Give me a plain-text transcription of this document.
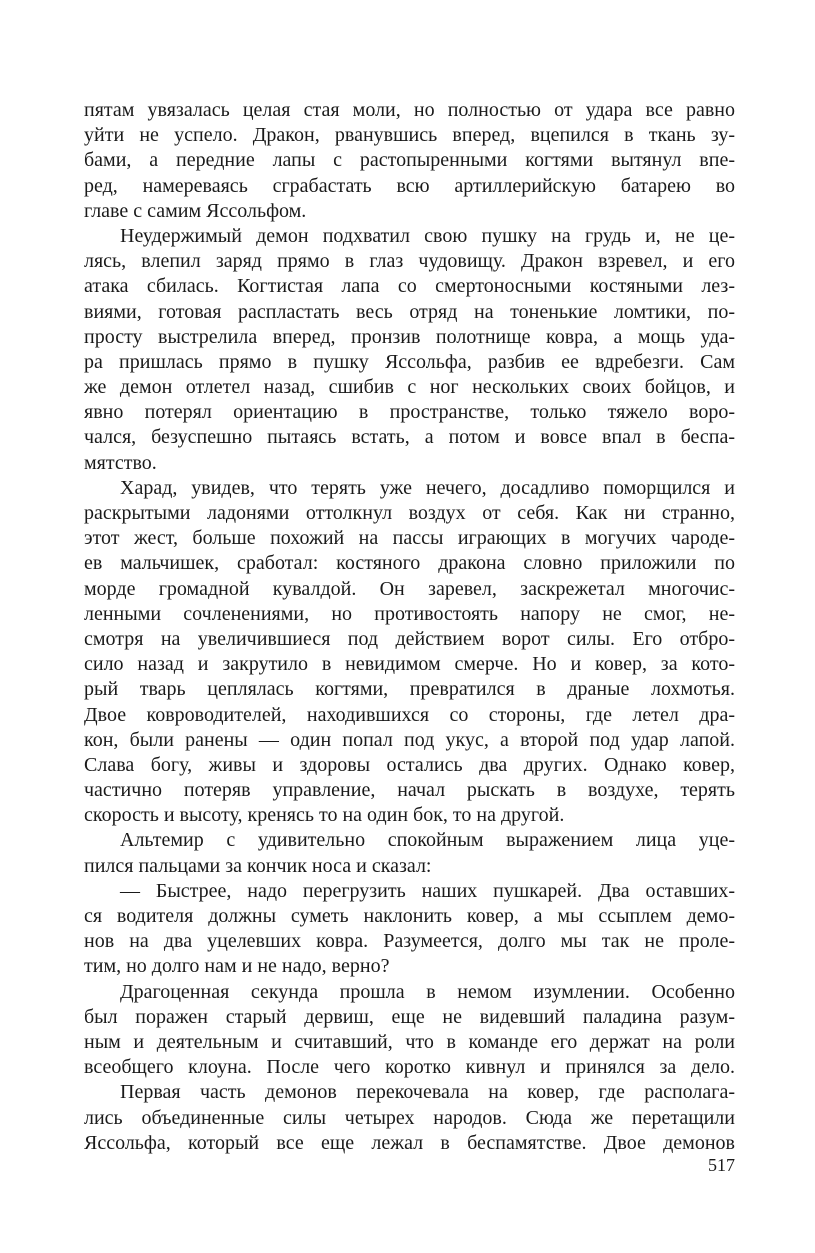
пятам увязалась целая стая моли, но полностью от удара все равно
уйти не успело. Дракон, рванувшись вперед, вцепился в ткань зу-
бами, а передние лапы с растопыренными когтями вытянул впе-
ред, намереваясь сграбастать всю артиллерийскую батарею во
главе с самим Яссольфом.
Неудержимый демон подхватил свою пушку на грудь и, не це-
лясь, влепил заряд прямо в глаз чудовищу. Дракон взревел, и его
атака сбилась. Когтистая лапа со смертоносными костяными лез-
виями, готовая распластать весь отряд на тоненькие ломтики, по-
просту выстрелила вперед, пронзив полотнище ковра, а мощь уда-
ра пришлась прямо в пушку Яссольфа, разбив ее вдребезги. Сам
же демон отлетел назад, сшибив с ног нескольких своих бойцов, и
явно потерял ориентацию в пространстве, только тяжело воро-
чался, безуспешно пытаясь встать, а потом и вовсе впал в беспа-
мятство.
Харад, увидев, что терять уже нечего, досадливо поморщился и
раскрытыми ладонями оттолкнул воздух от себя. Как ни странно,
этот жест, больше похожий на пассы играющих в могучих чароде-
ев мальчишек, сработал: костяного дракона словно приложили по
морде громадной кувалдой. Он заревел, заскрежетал многочис-
ленными сочленениями, но противостоять напору не смог, не-
смотря на увеличившиеся под действием ворот силы. Его отбро-
сило назад и закрутило в невидимом смерче. Но и ковер, за кото-
рый тварь цеплялась когтями, превратился в драные лохмотья.
Двое ковроводителей, находившихся со стороны, где летел дра-
кон, были ранены — один попал под укус, а второй под удар лапой.
Слава богу, живы и здоровы остались два других. Однако ковер,
частично потеряв управление, начал рыскать в воздухе, терять
скорость и высоту, кренясь то на один бок, то на другой.
Альтемир с удивительно спокойным выражением лица уце-
пился пальцами за кончик носа и сказал:
— Быстрее, надо перегрузить наших пушкарей. Два оставших-
ся водителя должны суметь наклонить ковер, а мы ссыплем демо-
нов на два уцелевших ковра. Разумеется, долго мы так не проле-
тим, но долго нам и не надо, верно?
Драгоценная секунда прошла в немом изумлении. Особенно
был поражен старый дервиш, еще не видевший паладина разум-
ным и деятельным и считавший, что в команде его держат на роли
всеобщего клоуна. После чего коротко кивнул и принялся за дело.
Первая часть демонов перекочевала на ковер, где располага-
лись объединенные силы четырех народов. Сюда же перетащили
Яссольфа, который все еще лежал в беспамятстве. Двое демонов
517
